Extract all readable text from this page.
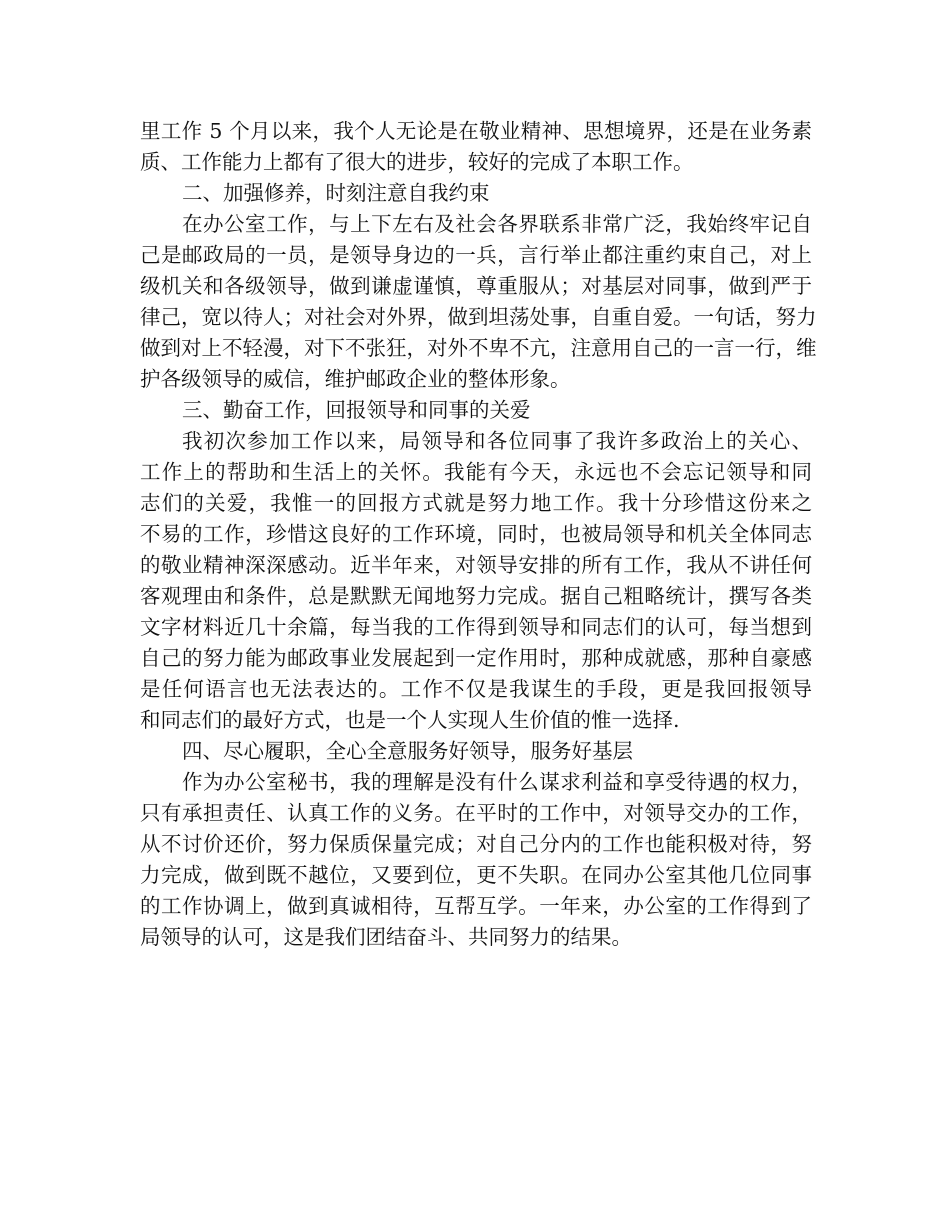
里工作 5 个月以来，我个人无论是在敬业精神、思想境界，还是在业务素
质、工作能力上都有了很大的进步，较好的完成了本职工作。
二、加强修养，时刻注意自我约束
在办公室工作，与上下左右及社会各界联系非常广泛，我始终牢记自
己是邮政局的一员，是领导身边的一兵，言行举止都注重约束自己，对上
级机关和各级领导，做到谦虚谨慎，尊重服从；对基层对同事，做到严于
律己，宽以待人；对社会对外界，做到坦荡处事，自重自爱。一句话，努力
做到对上不轻漫，对下不张狂，对外不卑不亢，注意用自己的一言一行，维
护各级领导的威信，维护邮政企业的整体形象。
三、勤奋工作，回报领导和同事的关爱
我初次参加工作以来，局领导和各位同事了我许多政治上的关心、
工作上的帮助和生活上的关怀。我能有今天，永远也不会忘记领导和同
志们的关爱，我惟一的回报方式就是努力地工作。我十分珍惜这份来之
不易的工作，珍惜这良好的工作环境，同时，也被局领导和机关全体同志
的敬业精神深深感动。近半年来，对领导安排的所有工作，我从不讲任何
客观理由和条件，总是默默无闻地努力完成。据自己粗略统计，撰写各类
文字材料近几十余篇，每当我的工作得到领导和同志们的认可，每当想到
自己的努力能为邮政事业发展起到一定作用时，那种成就感，那种自豪感
是任何语言也无法表达的。工作不仅是我谋生的手段，更是我回报领导
和同志们的最好方式，也是一个人实现人生价值的惟一选择.
四、尽心履职，全心全意服务好领导，服务好基层
作为办公室秘书，我的理解是没有什么谋求利益和享受待遇的权力，
只有承担责任、认真工作的义务。在平时的工作中，对领导交办的工作，
从不讨价还价，努力保质保量完成；对自己分内的工作也能积极对待，努
力完成，做到既不越位，又要到位，更不失职。在同办公室其他几位同事
的工作协调上，做到真诚相待，互帮互学。一年来，办公室的工作得到了
局领导的认可，这是我们团结奋斗、共同努力的结果。
